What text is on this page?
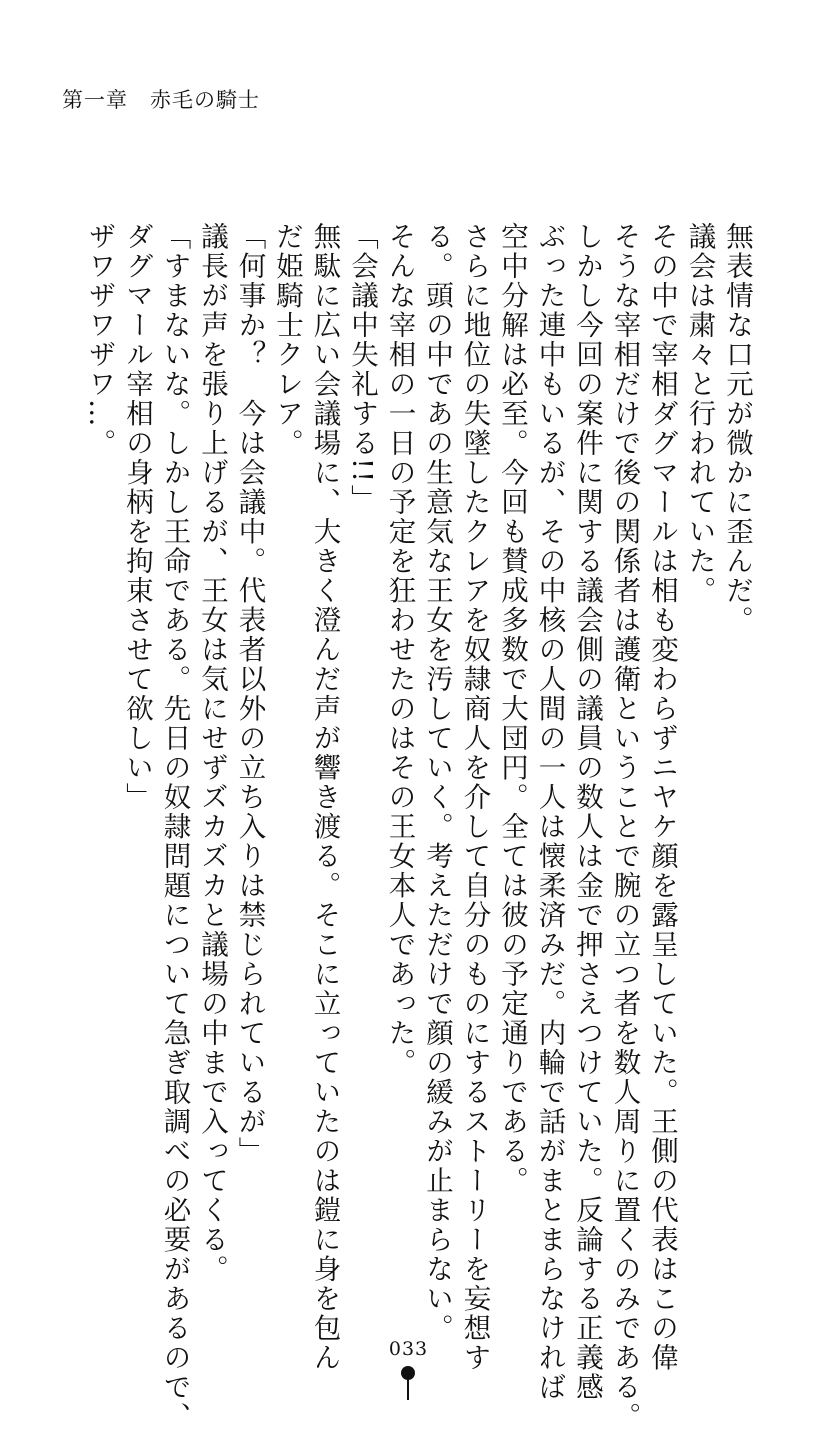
第一章 赤毛の騎士

無表情な口元が微かに歪んだ。

議会は粛々と行われていた。

その中で宰相ダグマールは相も変わらずニヤケ顔を露呈していた。王側の代表はこの偉

そうな宰相だけで後の関係者は護衛ということで腕の立つ者を数人周りに置くのみである。

しかし今回の案件に関する議会側の議員の数人は金で押さえつけていた。反論する正義感

ぶった連中もいるが、その中核の人間の一人は懐柔済みだ。内輪で話がまとまらなければ

空中分解は必至。今回も賛成多数で大団円。全ては彼の予定通りである。

さらに地位の失墜したクレアを奴隷商人を介して自分のものにするストーリーを妄想す

る。頭の中であの生意気な王女を汚していく。考えただけで顔の緩みが止まらない。

そんな宰相の一日の予定を狂わせたのはその王女本人であった。

「会議中失礼する!!」

無駄に広い会議場に、大きく澄んだ声が響き渡る。そこに立っていたのは鎧に身を包ん

だ姫騎士クレア。

「何事か？　今は会議中。代表者以外の立ち入りは禁じられているが」

議長が声を張り上げるが、王女は気にせずズカズカと議場の中まで入ってくる。

「すまないな。しかし王命である。先日の奴隷問題について急ぎ取調べの必要があるので、

ダグマール宰相の身柄を拘束させて欲しい」

ザワザワザワ…。

033
